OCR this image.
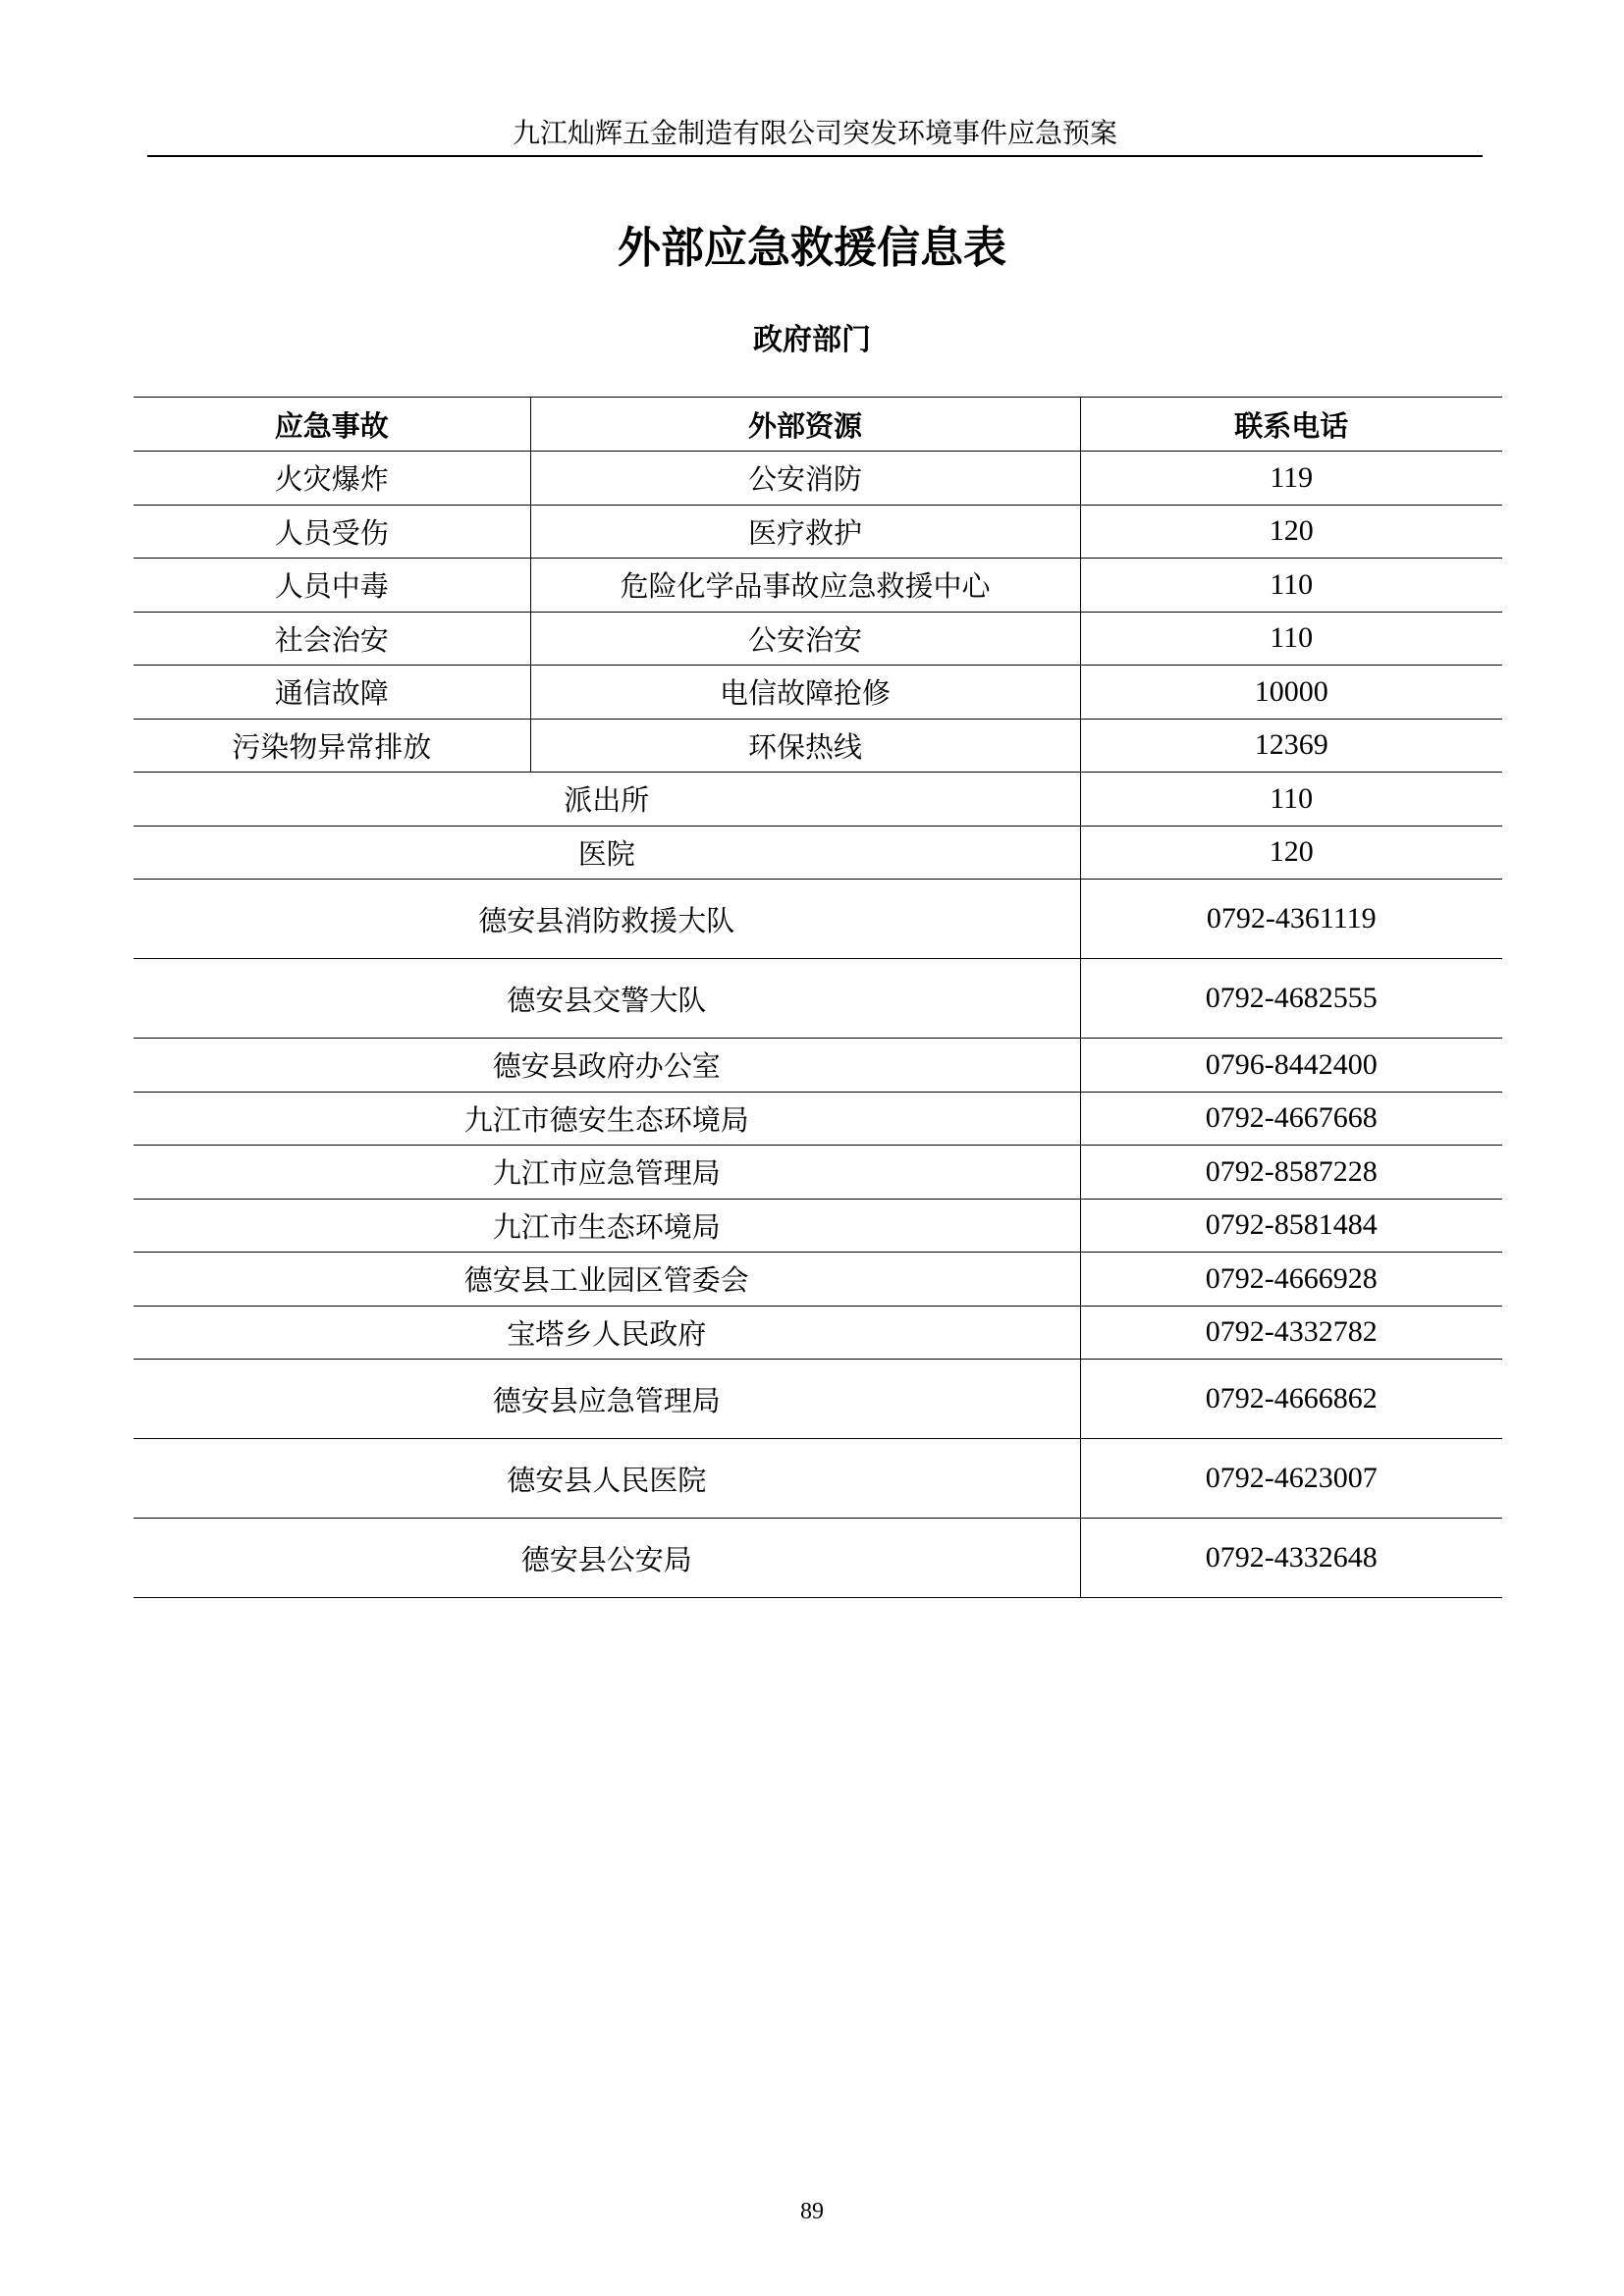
九江灿辉五金制造有限公司突发环境事件应急预案
外部应急救援信息表
政府部门
应急事故	外部资源	联系电话
火灾爆炸	公安消防	119
人员受伤	医疗救护	120
人员中毒	危险化学品事故应急救援中心	110
社会治安	公安治安	110
通信故障	电信故障抢修	10000
污染物异常排放	环保热线	12369
派出所		110
医院		120
德安县消防救援大队		0792-4361119
德安县交警大队		0792-4682555
德安县政府办公室		0796-8442400
九江市德安生态环境局		0792-4667668
九江市应急管理局		0792-8587228
九江市生态环境局		0792-8581484
德安县工业园区管委会		0792-4666928
宝塔乡人民政府		0792-4332782
德安县应急管理局		0792-4666862
德安县人民医院		0792-4623007
德安县公安局		0792-4332648
89
